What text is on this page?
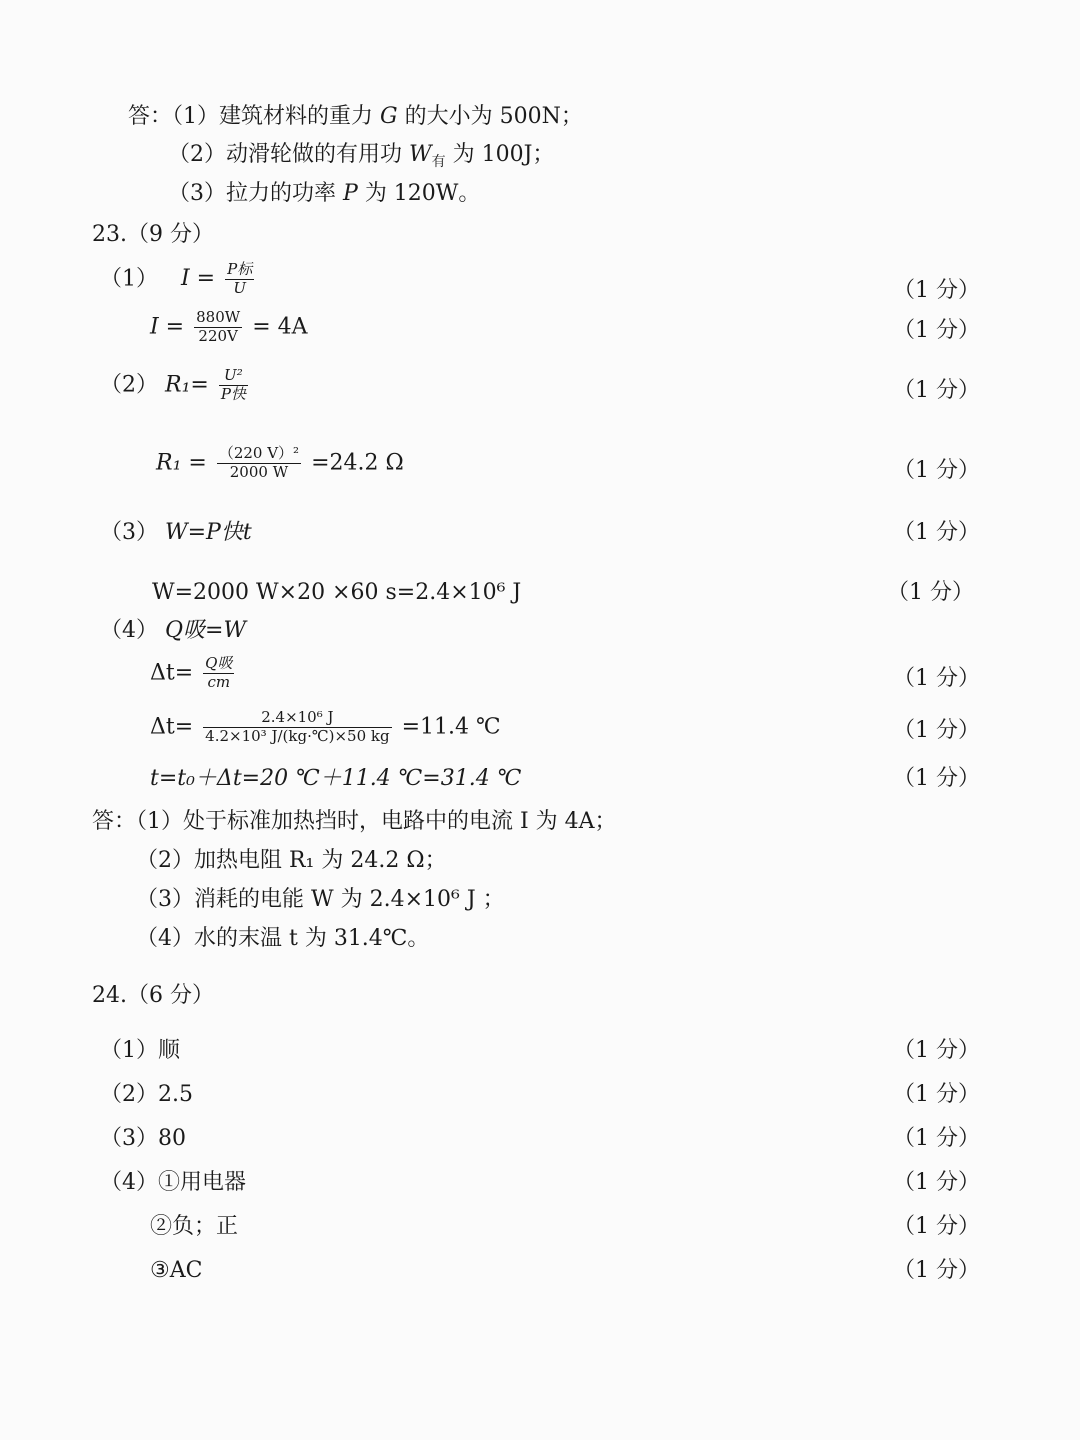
答：（1）建筑材料的重力 G 的大小为 500N；
（2）动滑轮做的有用功 $W_有$ 为 100J；
（3）拉力的功率 P 为 120W。
23.（9 分）
（1） $I = \frac{\text{P标}}{U}$	（1 分）
$I = \frac{880W}{220V} = 4A$	（1 分）
（2） $R_1= \frac{\text{U²}}{\text{P快}}$	（1 分）
$R_1 = \frac{\text{（220 V）²}}{2000 W} =24.2$ Ω	（1 分）
（3） W=P快t	（1 分）
W=2000 W×20 ×60 s=2.4×10⁶ J	（1 分）
（4） Q吸=W
$\Delta t= \frac{\text{Q吸}}{cm}$	（1 分）
$\Delta t= \frac{\text{2.4×10⁶ J}}{\text{4.2×10³ J/(kg·℃)×50 kg}} =11.4$ ℃	（1 分）
t=t₀＋Δt=20 ℃＋11.4 ℃=31.4 ℃	（1 分）
答：（1）处于标准加热挡时，电路中的电流 I 为 4A；
（2）加热电阻 R₁ 为 24.2 Ω；
（3）消耗的电能 W 为 2.4×10⁶ J ；
（4）水的末温 t 为 31.4℃。
24.（6 分）
（1）顺	（1 分）
（2）2.5	（1 分）
（3）80	（1 分）
（4）①用电器	（1 分）
②负；正	（1 分）
③AC	（1 分）
